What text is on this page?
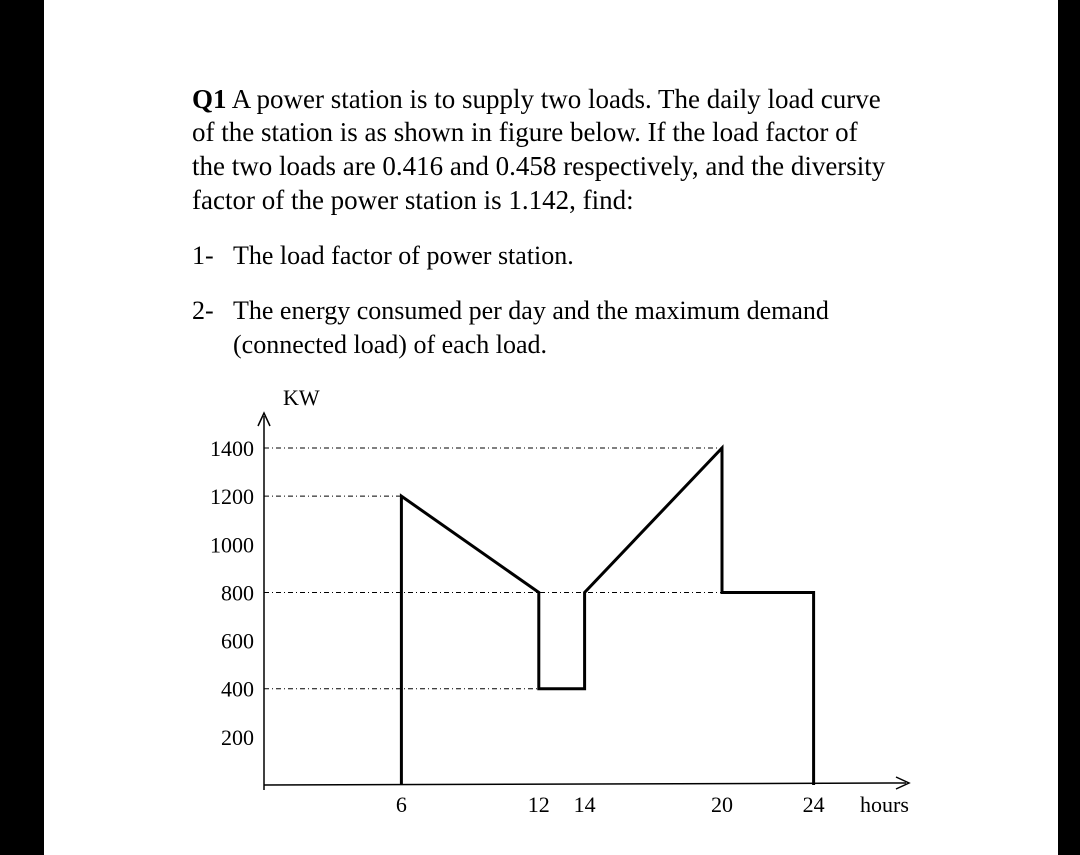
Q1 A power station is to supply two loads. The daily load curve
of the station is as shown in figure below. If the load factor of
the two loads are 0.416 and 0.458 respectively, and the diversity
factor of the power station is 1.142, find:
1- The load factor of power station.
2- The energy consumed per day and the maximum demand
(connected load) of each load.
200
400
600
800
1000
1200
1400
6	12 14	20	24
KW
hours
